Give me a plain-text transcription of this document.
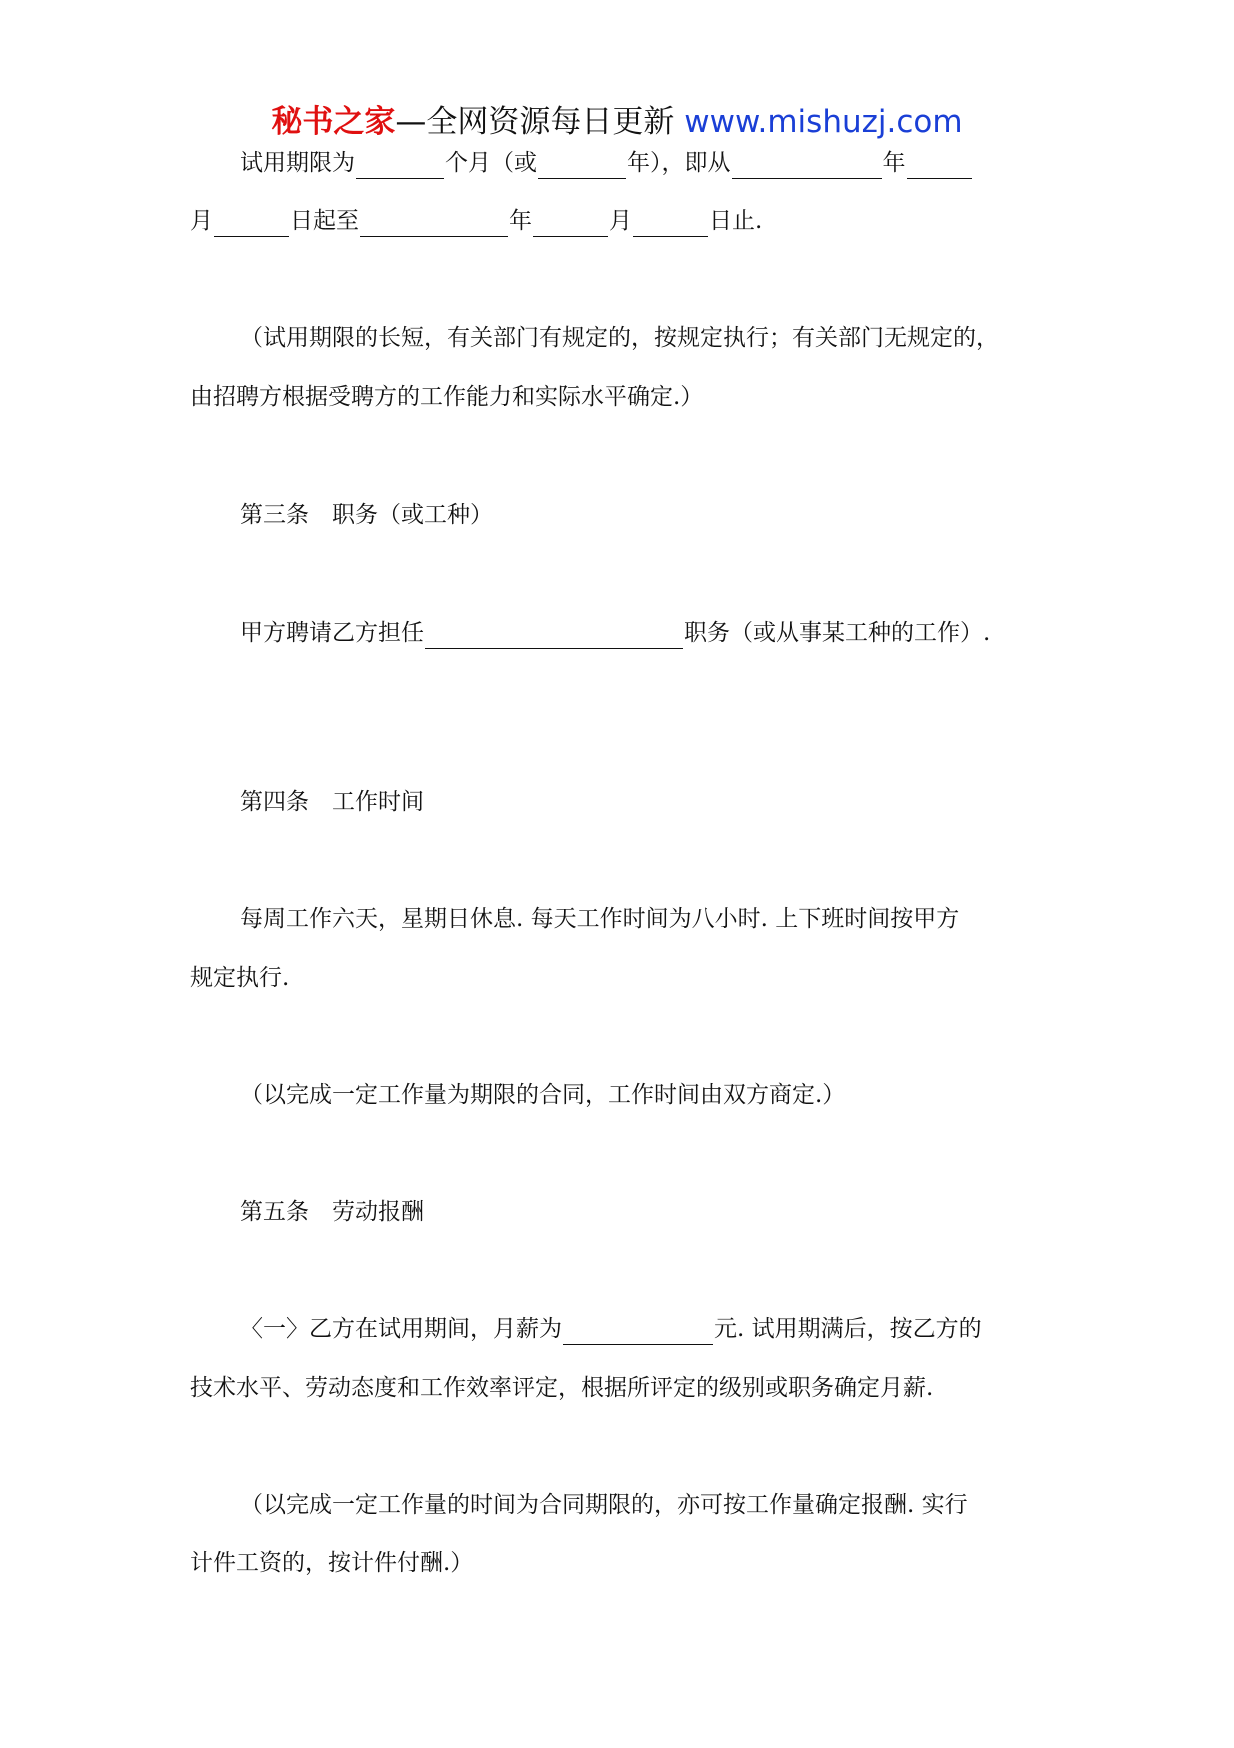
秘书之家—全网资源每日更新 www.mishuzj.com
试用期限为	个月（或	年），即从	年
月	日起至	年	月	日止.
（试用期限的长短，有关部门有规定的，按规定执行；有关部门无规定的，
由招聘方根据受聘方的工作能力和实际水平确定.）
第三条　职务（或工种）
甲方聘请乙方担任	职务（或从事某工种的工作）.
第四条　工作时间
每周工作六天，星期日休息. 每天工作时间为八小时. 上下班时间按甲方
规定执行.
（以完成一定工作量为期限的合同，工作时间由双方商定.）
第五条　劳动报酬
〈一〉乙方在试用期间，月薪为	元. 试用期满后，按乙方的
技术水平、劳动态度和工作效率评定，根据所评定的级别或职务确定月薪.
（以完成一定工作量的时间为合同期限的，亦可按工作量确定报酬. 实行
计件工资的，按计件付酬.）
